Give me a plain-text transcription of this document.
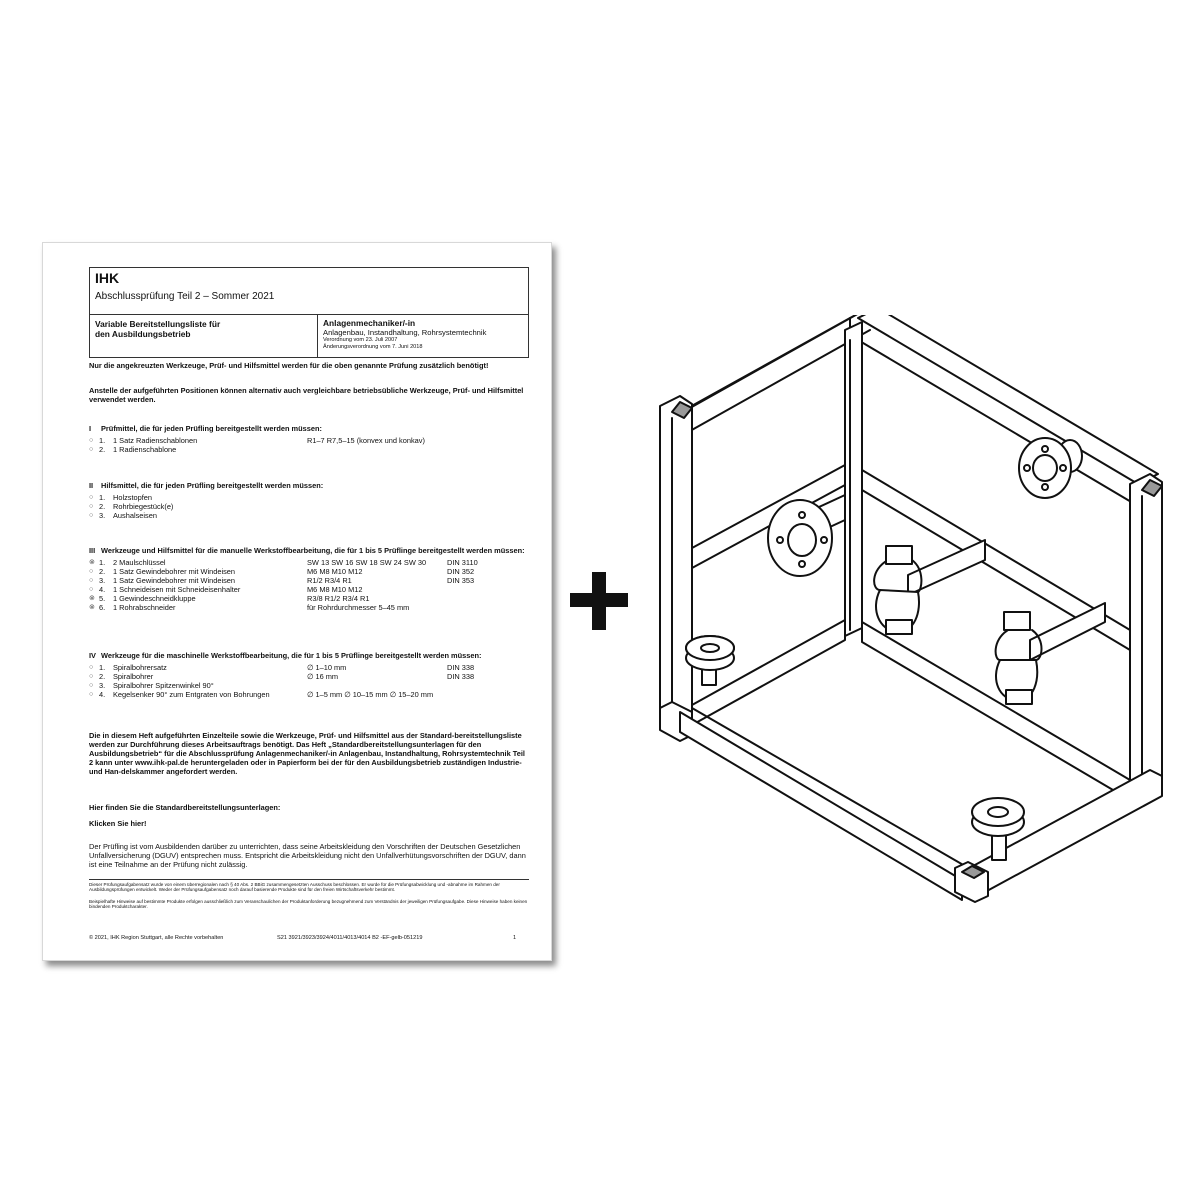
IHK
Abschlussprüfung Teil 2 – Sommer 2021
Variable Bereitstellungsliste für
den Ausbildungsbetrieb
Anlagenmechaniker/-in
Anlagenbau, Instandhaltung, Rohrsystemtechnik
Verordnung vom 23. Juli 2007
Änderungsverordnung vom 7. Juni 2018
Nur die angekreuzten Werkzeuge, Prüf- und Hilfsmittel werden für die oben genannte Prüfung zusätzlich benötigt!
Anstelle der aufgeführten Positionen können alternativ auch vergleichbare betriebsübliche Werkzeuge, Prüf- und Hilfsmittel verwendet werden.
I	Prüfmittel, die für jeden Prüfling bereitgestellt werden müssen:
○ 1.	1 Satz Radienschablonen	R1–7 R7,5–15 (konvex und konkav)
○ 2.	1 Radienschablone
II	Hilfsmittel, die für jeden Prüfling bereitgestellt werden müssen:
○ 1.	Holzstopfen
○ 2.	Rohrbiegestück(e)
○ 3.	Aushalseisen
III Werkzeuge und Hilfsmittel für die manuelle Werkstoffbearbeitung, die für 1 bis 5 Prüflinge bereitgestellt werden müssen:
⊗ 1.	2 Maulschlüssel	SW 13 SW 16 SW 18 SW 24 SW 30	DIN 3110
○ 2.	1 Satz Gewindebohrer mit Windeisen	M6 M8 M10 M12	DIN 352
○ 3.	1 Satz Gewindebohrer mit Windeisen	R1/2 R3/4 R1	DIN 353
○ 4.	1 Schneideisen mit Schneideisenhalter	M6 M8 M10 M12
⊗ 5.	1 Gewindeschneidkluppe	R3/8 R1/2 R3/4 R1
⊗ 6.	1 Rohrabschneider	für Rohrdurchmesser 5–45 mm
IV Werkzeuge für die maschinelle Werkstoffbearbeitung, die für 1 bis 5 Prüflinge bereitgestellt werden müssen:
○ 1.	Spiralbohrersatz	∅ 1–10 mm	DIN 338
○ 2.	Spiralbohrer	∅ 16 mm	DIN 338
○ 3.	Spiralbohrer Spitzenwinkel 90°
○ 4.	Kegelsenker 90° zum Entgraten von Bohrungen	∅ 1–5 mm ∅ 10–15 mm ∅ 15–20 mm
Die in diesem Heft aufgeführten Einzelteile sowie die Werkzeuge, Prüf- und Hilfsmittel aus der Standard-bereitstellungsliste werden zur Durchführung dieses Arbeitsauftrags benötigt. Das Heft „Standardbereitstellungsunterlagen für den Ausbildungsbetrieb“ für die Abschlussprüfung Anlagenmechaniker/-in Anlagenbau, Instandhaltung, Rohrsystemtechnik Teil 2 kann unter www.ihk-pal.de heruntergeladen oder in Papierform bei der für den Ausbildungsbetrieb zuständigen Industrie- und Han-delskammer angefordert werden.
Hier finden Sie die Standardbereitstellungsunterlagen:
Klicken Sie hier!
Der Prüfling ist vom Ausbildenden darüber zu unterrichten, dass seine Arbeitskleidung den Vorschriften der Deutschen Gesetzlichen Unfallversicherung (DGUV) entsprechen muss. Entspricht die Arbeitskleidung nicht den Unfallverhütungsvorschriften der DGUV, dann ist eine Teilnahme an der Prüfung nicht zulässig.
Dieser Prüfungsaufgabensatz wurde von einem überregionalen nach § 40 Abs. 2 BBiG zusammengesetzten Ausschuss beschlossen. Er wurde für die Prüfungsabwicklung und -abnahme im Rahmen der Ausbildungsprüfungen entwickelt. Weder der Prüfungsaufgabensatz noch darauf basierende Produkte sind für den freien Wirtschaftsverkehr bestimmt.
Beispielhafte Hinweise auf bestimmte Produkte erfolgen ausschließlich zum Veranschaulichen der Produktanforderung bezugnehmend zum Verständnis der jeweiligen Prüfungsaufgabe. Diese Hinweise haben keinen bindenden Produktcharakter.
© 2021, IHK Region Stuttgart, alle Rechte vorbehalten	S21 3921/3923/3924/4011/4013/4014 B2 -EF-gelb-051219	1
